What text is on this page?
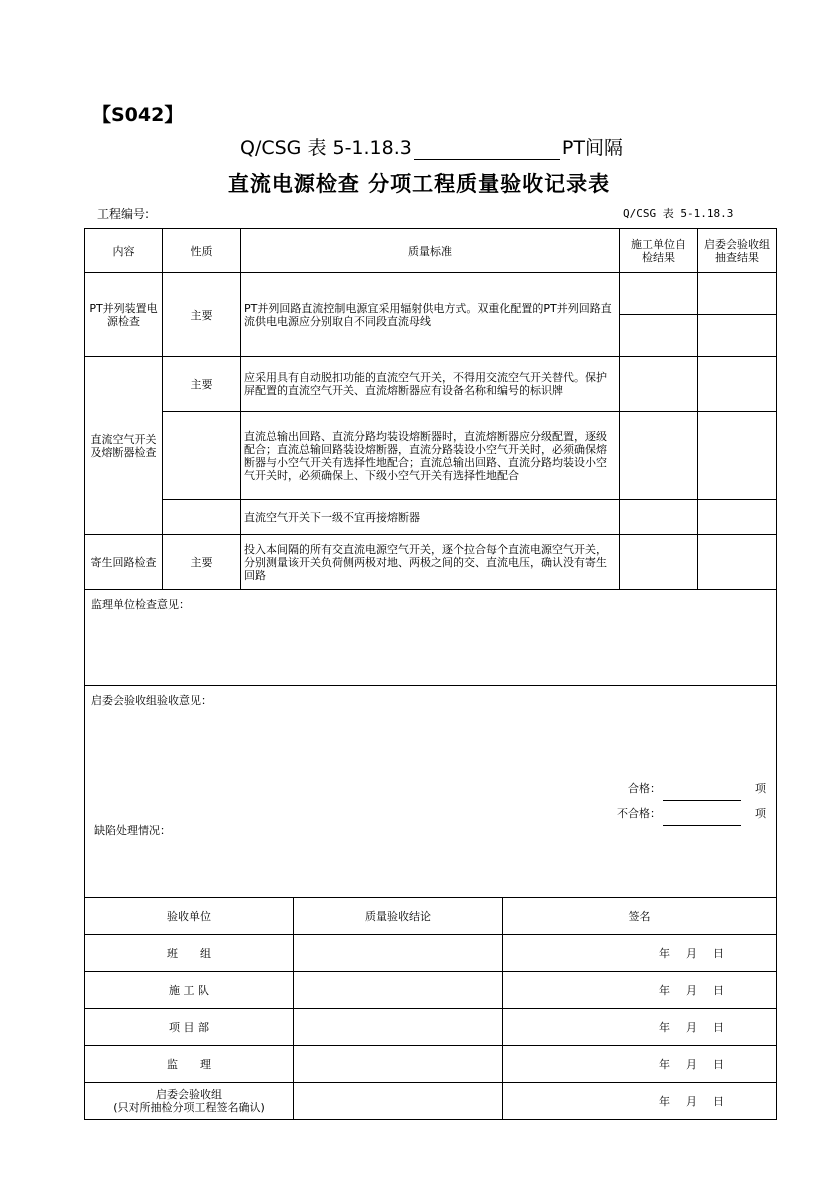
【S042】
Q/CSG 表 5-1.18.3	PT间隔
直流电源检查 分项工程质量验收记录表
工程编号:	Q/CSG 表 5-1.18.3
内容	性质	质量标准	施工单位自检结果	启委会验收组抽查结果
PT并列装置电源检查	主要	PT并列回路直流控制电源宜采用辐射供电方式。双重化配置的PT并列回路直流供电电源应分别取自不同段直流母线		

直流空气开关及熔断器检查	主要	应采用具有自动脱扣功能的直流空气开关，不得用交流空气开关替代。保护屏配置的直流空气开关、直流熔断器应有设备名称和编号的标识牌		
		直流总输出回路、直流分路均装设熔断器时，直流熔断器应分级配置，逐级配合；直流总输回路装设熔断器，直流分路装设小空气开关时，必须确保熔断器与小空气开关有选择性地配合；直流总输出回路、直流分路均装设小空气开关时，必须确保上、下级小空气开关有选择性地配合		
		直流空气开关下一级不宜再接熔断器		
寄生回路检查	主要	投入本间隔的所有交直流电源空气开关，逐个拉合每个直流电源空气开关，分别测量该开关负荷侧两极对地、两极之间的交、直流电压，确认没有寄生回路		
监理单位检查意见：				

启委会验收组验收意见：
合格： 项
不合格： 项
缺陷处理情况：				
验收单位	质量验收结论	签名
班　　组		年 月 日
施 工 队		年 月 日
项 目 部		年 月 日
监　　理		年 月 日

启委会验收组
(只对所抽检分项工程签名确认)		年 月 日
